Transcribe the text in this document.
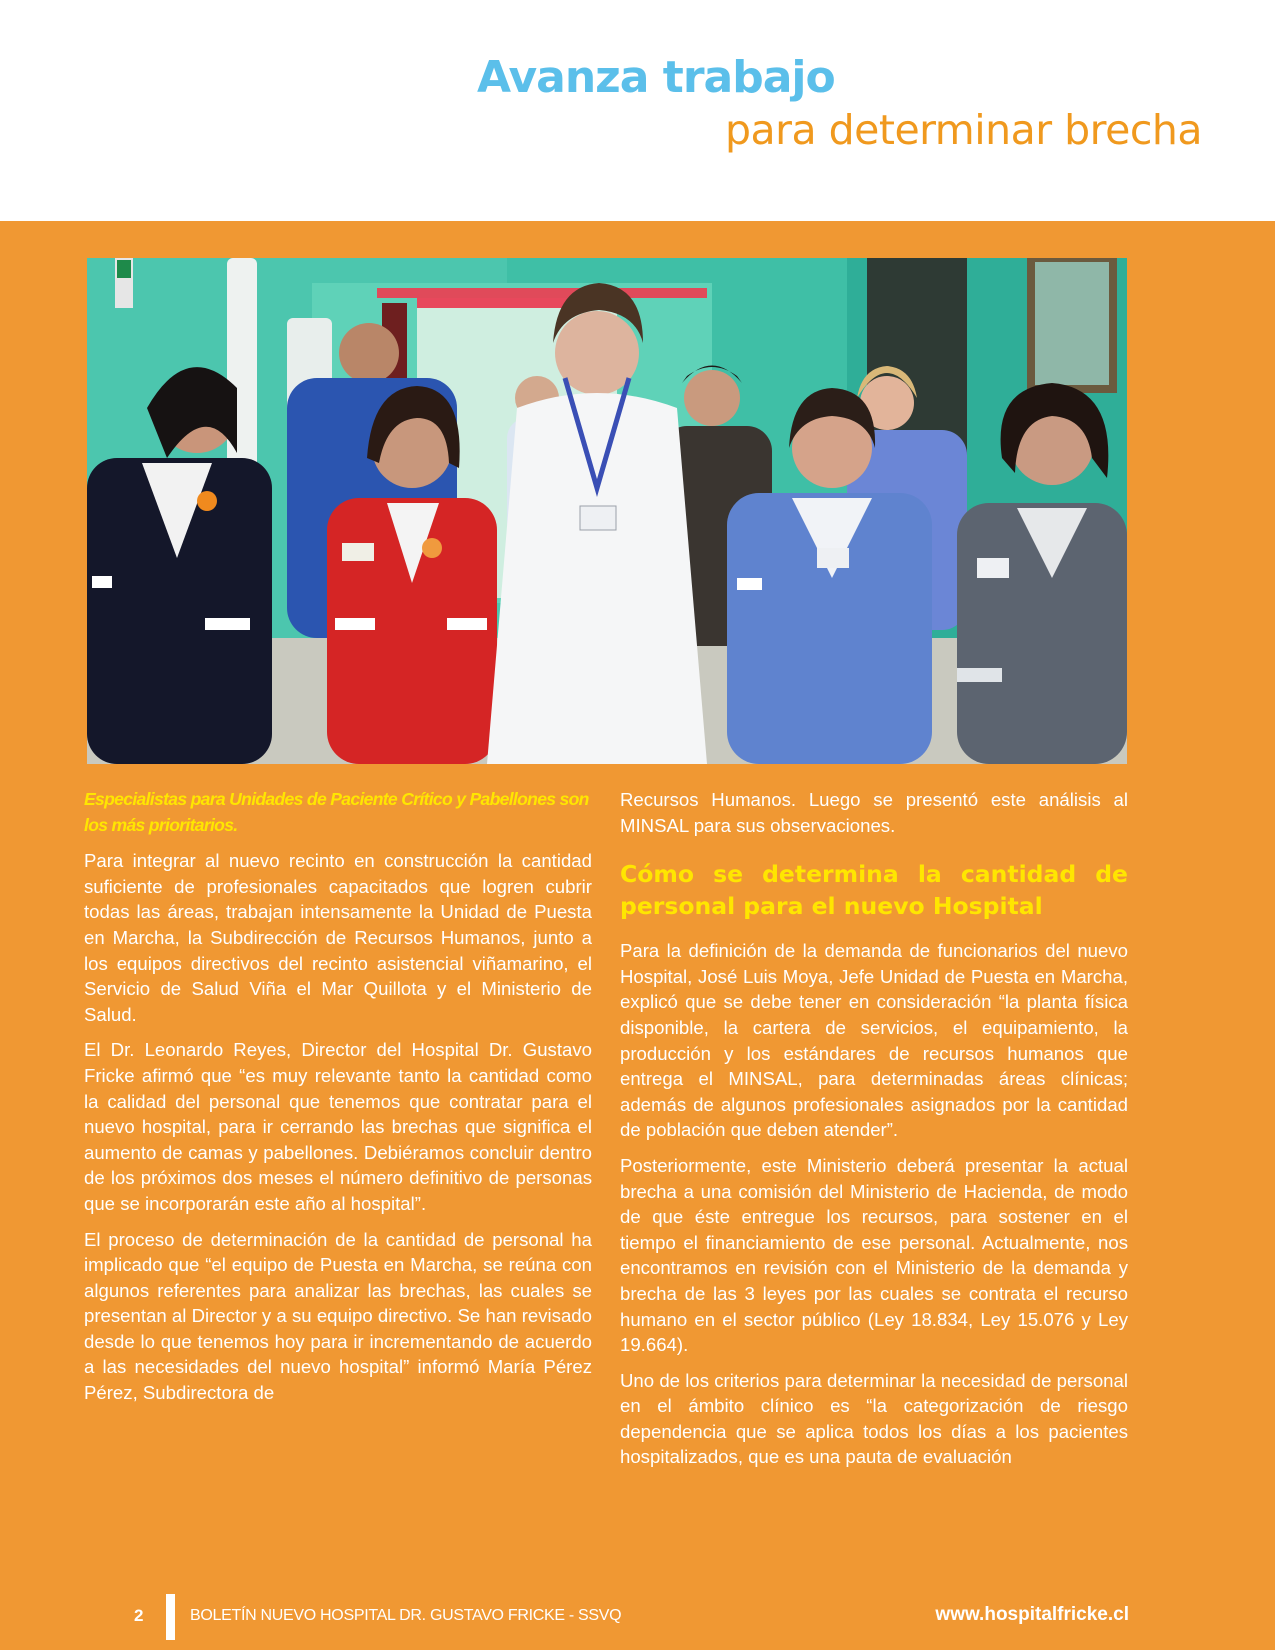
Avanza trabajo
para determinar brecha

Especialistas para Unidades de Paciente Crítico y Pabellones son los más prioritarios.

Para integrar al nuevo recinto en construcción la cantidad suficiente de profesionales capacitados que logren cubrir todas las áreas, trabajan intensamente la Unidad de Puesta en Marcha, la Subdirección de Recursos Humanos, junto a los equipos directivos del recinto asistencial viñamarino, el Servicio de Salud Viña el Mar Quillota y el Ministerio de Salud.

El Dr. Leonardo Reyes, Director del Hospital Dr. Gustavo Fricke afirmó que “es muy relevante tanto la cantidad como la calidad del personal que tenemos que contratar para el nuevo hospital, para ir cerrando las brechas que significa el aumento de camas y pabellones. Debiéramos concluir dentro de los próximos dos meses el número definitivo de personas que se incorporarán este año al hospital”.

El proceso de determinación de la cantidad de personal ha implicado que “el equipo de Puesta en Marcha, se reúna con algunos referentes para analizar las brechas, las cuales se presentan al Director y a su equipo directivo. Se han revisado desde lo que tenemos hoy para ir incrementando de acuerdo a las necesidades del nuevo hospital” informó María Pérez Pérez, Subdirectora de

Recursos Humanos. Luego se presentó este análisis al MINSAL para sus observaciones.

Cómo se determina la cantidad de personal para el nuevo Hospital

Para la definición de la demanda de funcionarios del nuevo Hospital, José Luis Moya, Jefe Unidad de Puesta en Marcha, explicó que se debe tener en consideración “la planta física disponible, la cartera de servicios, el equipamiento, la producción y los estándares de recursos humanos que entrega el MINSAL, para determinadas áreas clínicas; además de algunos profesionales asignados por la cantidad de población que deben atender”.

Posteriormente, este Ministerio deberá presentar la actual brecha a una comisión del Ministerio de Hacienda, de modo de que éste entregue los recursos, para sostener en el tiempo el financiamiento de ese personal. Actualmente, nos encontramos en revisión con el Ministerio de la demanda y brecha de las 3 leyes por las cuales se contrata el recurso humano en el sector público (Ley 18.834, Ley 15.076 y Ley 19.664).

Uno de los criterios para determinar la necesidad de personal en el ámbito clínico es “la categorización de riesgo dependencia que se aplica todos los días a los pacientes hospitalizados, que es una pauta de evaluación

2	BOLETÍN NUEVO HOSPITAL DR. GUSTAVO FRICKE - SSVQ	www.hospitalfricke.cl
